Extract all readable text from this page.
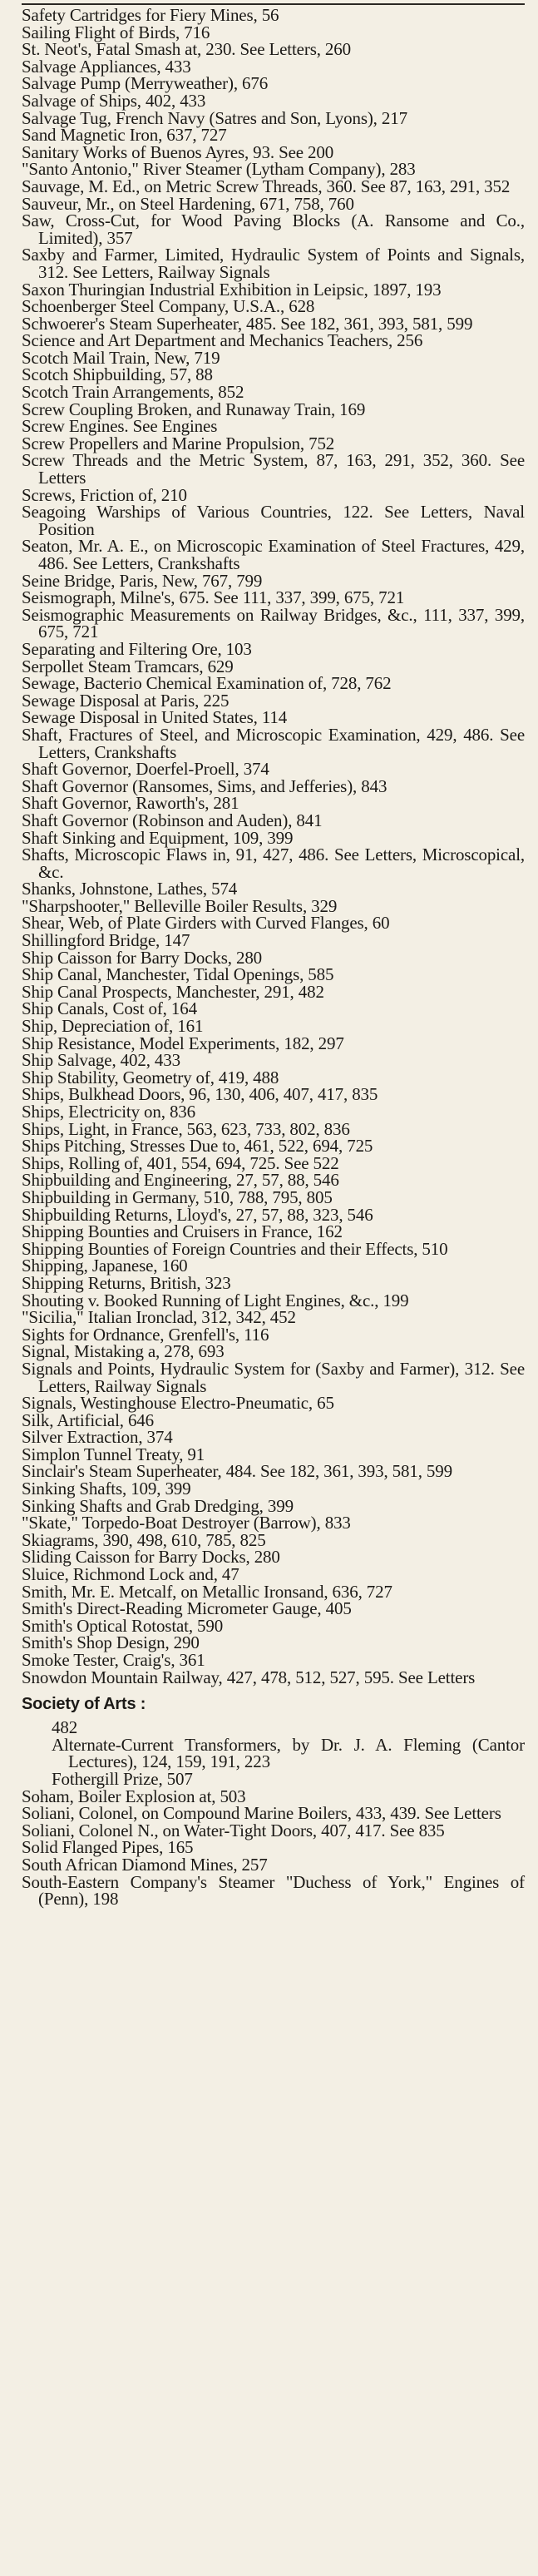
Safety Cartridges for Fiery Mines, 56

Sailing Flight of Birds, 716

St. Neot's, Fatal Smash at, 230. See Letters, 260

Salvage Appliances, 433

Salvage Pump (Merryweather), 676

Salvage of Ships, 402, 433

Salvage Tug, French Navy (Satres and Son, Lyons), 217

Sand Magnetic Iron, 637, 727

Sanitary Works of Buenos Ayres, 93. See 200

"Santo Antonio," River Steamer (Lytham Company), 283

Sauvage, M. Ed., on Metric Screw Threads, 360. See 87, 163, 291, 352

Sauveur, Mr., on Steel Hardening, 671, 758, 760

Saw, Cross-Cut, for Wood Paving Blocks (A. Ransome and Co., Limited), 357

Saxby and Farmer, Limited, Hydraulic System of Points and Signals, 312. See Letters, Railway Signals

Saxon Thuringian Industrial Exhibition in Leipsic, 1897, 193

Schoenberger Steel Company, U.S.A., 628

Schwoerer's Steam Superheater, 485. See 182, 361, 393, 581, 599

Science and Art Department and Mechanics Teachers, 256

Scotch Mail Train, New, 719

Scotch Shipbuilding, 57, 88

Scotch Train Arrangements, 852

Screw Coupling Broken, and Runaway Train, 169

Screw Engines. See Engines

Screw Propellers and Marine Propulsion, 752

Screw Threads and the Metric System, 87, 163, 291, 352, 360. See Letters

Screws, Friction of, 210

Seagoing Warships of Various Countries, 122. See Letters, Naval Position

Seaton, Mr. A. E., on Microscopic Examination of Steel Fractures, 429, 486. See Letters, Crankshafts

Seine Bridge, Paris, New, 767, 799

Seismograph, Milne's, 675. See 111, 337, 399, 675, 721

Seismographic Measurements on Railway Bridges, &c., 111, 337, 399, 675, 721

Separating and Filtering Ore, 103

Serpollet Steam Tramcars, 629

Sewage, Bacterio Chemical Examination of, 728, 762

Sewage Disposal at Paris, 225

Sewage Disposal in United States, 114

Shaft, Fractures of Steel, and Microscopic Examination, 429, 486. See Letters, Crankshafts

Shaft Governor, Doerfel-Proell, 374

Shaft Governor (Ransomes, Sims, and Jefferies), 843

Shaft Governor, Raworth's, 281

Shaft Governor (Robinson and Auden), 841

Shaft Sinking and Equipment, 109, 399

Shafts, Microscopic Flaws in, 91, 427, 486. See Letters, Microscopical, &c.

Shanks, Johnstone, Lathes, 574

"Sharpshooter," Belleville Boiler Results, 329

Shear, Web, of Plate Girders with Curved Flanges, 60

Shillingford Bridge, 147

Ship Caisson for Barry Docks, 280

Ship Canal, Manchester, Tidal Openings, 585

Ship Canal Prospects, Manchester, 291, 482

Ship Canals, Cost of, 164

Ship, Depreciation of, 161

Ship Resistance, Model Experiments, 182, 297

Ship Salvage, 402, 433

Ship Stability, Geometry of, 419, 488

Ships, Bulkhead Doors, 96, 130, 406, 407, 417, 835

Ships, Electricity on, 836

Ships, Light, in France, 563, 623, 733, 802, 836

Ships Pitching, Stresses Due to, 461, 522, 694, 725

Ships, Rolling of, 401, 554, 694, 725. See 522

Shipbuilding and Engineering, 27, 57, 88, 546

Shipbuilding in Germany, 510, 788, 795, 805

Shipbuilding Returns, Lloyd's, 27, 57, 88, 323, 546

Shipping Bounties and Cruisers in France, 162

Shipping Bounties of Foreign Countries and their Effects, 510

Shipping, Japanese, 160

Shipping Returns, British, 323

Shouting v. Booked Running of Light Engines, &c., 199

"Sicilia," Italian Ironclad, 312, 342, 452

Sights for Ordnance, Grenfell's, 116

Signal, Mistaking a, 278, 693

Signals and Points, Hydraulic System for (Saxby and Farmer), 312. See Letters, Railway Signals

Signals, Westinghouse Electro-Pneumatic, 65

Silk, Artificial, 646

Silver Extraction, 374

Simplon Tunnel Treaty, 91

Sinclair's Steam Superheater, 484. See 182, 361, 393, 581, 599

Sinking Shafts, 109, 399

Sinking Shafts and Grab Dredging, 399

"Skate," Torpedo-Boat Destroyer (Barrow), 833

Skiagrams, 390, 498, 610, 785, 825

Sliding Caisson for Barry Docks, 280

Sluice, Richmond Lock and, 47

Smith, Mr. E. Metcalf, on Metallic Ironsand, 636, 727

Smith's Direct-Reading Micrometer Gauge, 405

Smith's Optical Rotostat, 590

Smith's Shop Design, 290

Smoke Tester, Craig's, 361

Snowdon Mountain Railway, 427, 478, 512, 527, 595. See Letters

Society of Arts :

482

Alternate-Current Transformers, by Dr. J. A. Fleming (Cantor Lectures), 124, 159, 191, 223

Fothergill Prize, 507

Soham, Boiler Explosion at, 503

Soliani, Colonel, on Compound Marine Boilers, 433, 439. See Letters

Soliani, Colonel N., on Water-Tight Doors, 407, 417. See 835

Solid Flanged Pipes, 165

South African Diamond Mines, 257

South-Eastern Company's Steamer "Duchess of York," Engines of (Penn), 198
